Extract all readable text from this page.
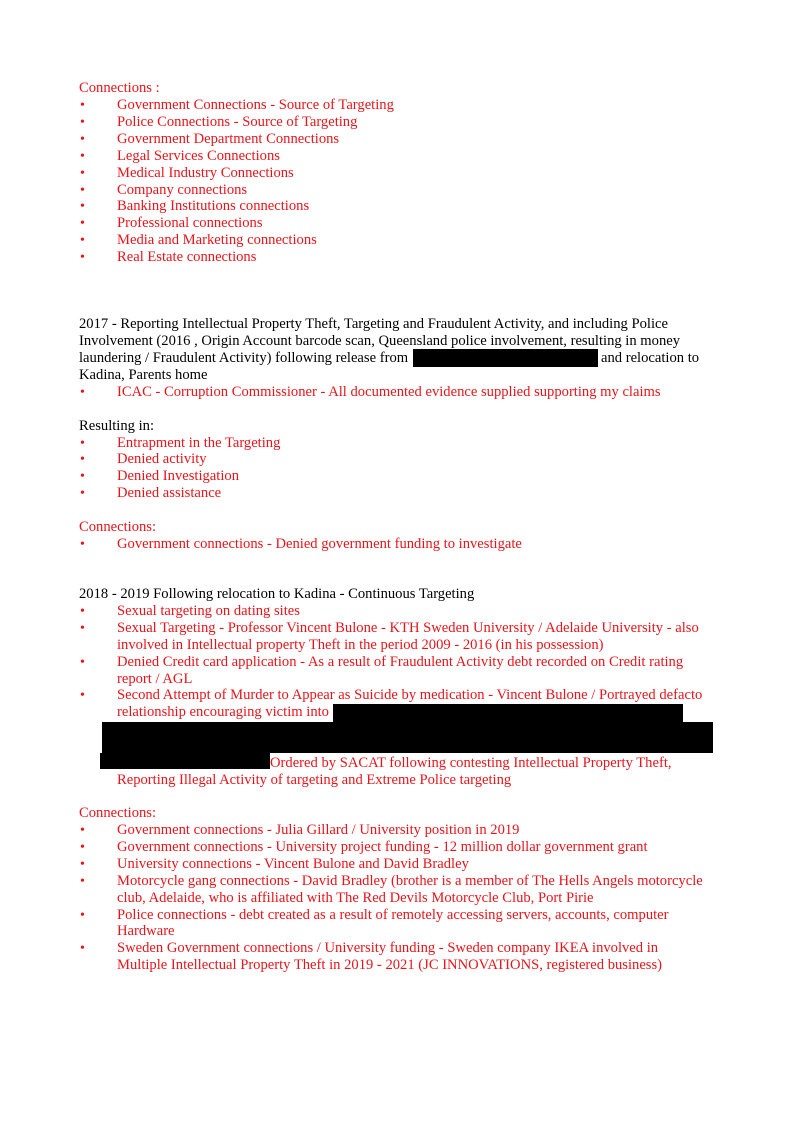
Connections :
• Government Connections - Source of Targeting
• Police Connections - Source of Targeting
• Government Department Connections
• Legal Services Connections
• Medical Industry Connections
• Company connections
• Banking Institutions connections
• Professional connections
• Media and Marketing connections
• Real Estate connections
2017 - Reporting Intellectual Property Theft, Targeting and Fraudulent Activity, and including Police
Involvement (2016 , Origin Account barcode scan, Queensland police involvement, resulting in money
laundering / Fraudulent Activity) following release from	and relocation to
Kadina, Parents home
• ICAC - Corruption Commissioner - All documented evidence supplied supporting my claims
Resulting in:
• Entrapment in the Targeting
• Denied activity
• Denied Investigation
• Denied assistance
Connections:
• Government connections - Denied government funding to investigate
2018 - 2019 Following relocation to Kadina - Continuous Targeting
• Sexual targeting on dating sites
• Sexual Targeting - Professor Vincent Bulone - KTH Sweden University / Adelaide University - also
involved in Intellectual property Theft in the period 2009 - 2016 (in his possession)
• Denied Credit card application - As a result of Fraudulent Activity debt recorded on Credit rating
report / AGL
• Second Attempt of Murder to Appear as Suicide by medication - Vincent Bulone / Portrayed defacto
relationship encouraging victim into
Ordered by SACAT following contesting Intellectual Property Theft,
Reporting Illegal Activity of targeting and Extreme Police targeting
Connections:
• Government connections - Julia Gillard / University position in 2019
• Government connections - University project funding - 12 million dollar government grant
• University connections - Vincent Bulone and David Bradley
• Motorcycle gang connections - David Bradley (brother is a member of The Hells Angels motorcycle
club, Adelaide, who is affiliated with The Red Devils Motorcycle Club, Port Pirie
• Police connections - debt created as a result of remotely accessing servers, accounts, computer
Hardware
• Sweden Government connections / University funding - Sweden company IKEA involved in
Multiple Intellectual Property Theft in 2019 - 2021 (JC INNOVATIONS, registered business)
